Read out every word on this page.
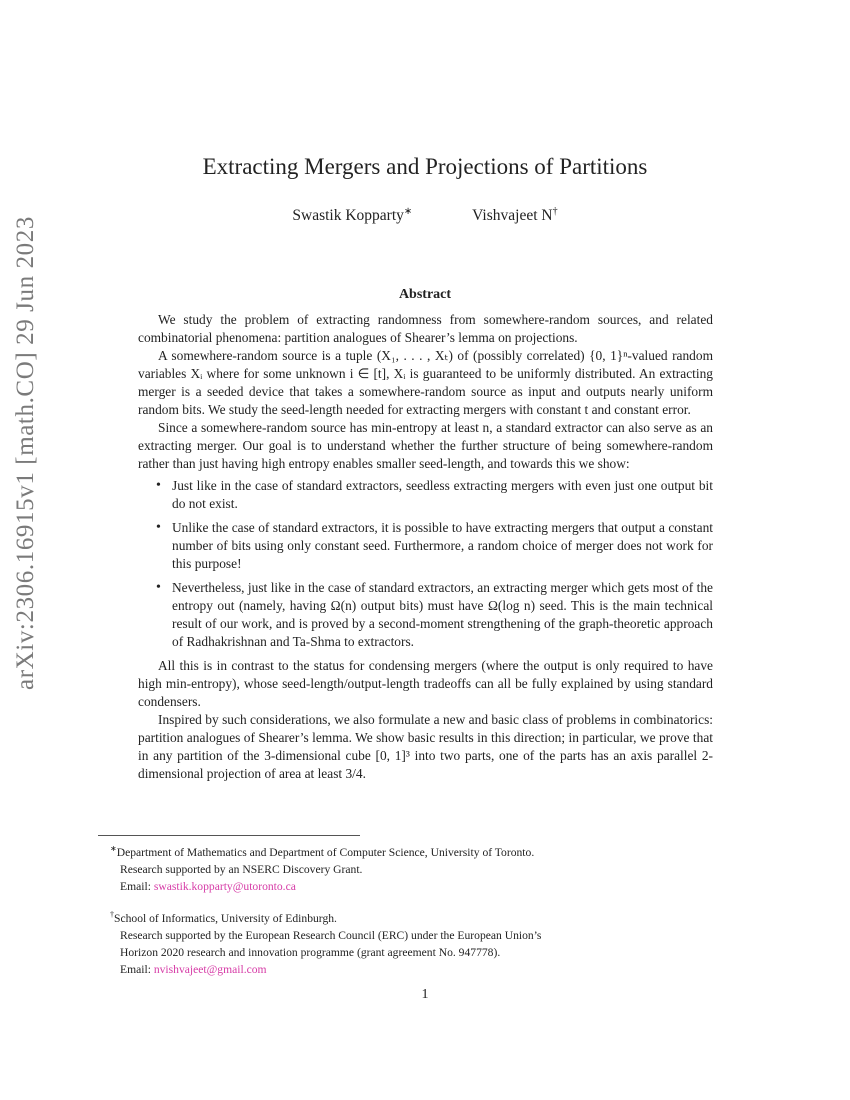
arXiv:2306.16915v1 [math.CO] 29 Jun 2023
Extracting Mergers and Projections of Partitions
Swastik Kopparty∗	Vishvajeet N†
Abstract

We study the problem of extracting randomness from somewhere-random sources, and related combinatorial phenomena: partition analogues of Shearer’s lemma on projections.

A somewhere-random source is a tuple (X₁, . . . , Xₜ) of (possibly correlated) {0, 1}ⁿ-valued random variables Xᵢ where for some unknown i ∈ [t], Xᵢ is guaranteed to be uniformly distributed. An extracting merger is a seeded device that takes a somewhere-random source as input and outputs nearly uniform random bits. We study the seed-length needed for extracting mergers with constant t and constant error.

Since a somewhere-random source has min-entropy at least n, a standard extractor can also serve as an extracting merger. Our goal is to understand whether the further structure of being somewhere-random rather than just having high entropy enables smaller seed-length, and towards this we show:

• Just like in the case of standard extractors, seedless extracting mergers with even just one output bit do not exist.
• Unlike the case of standard extractors, it is possible to have extracting mergers that output a constant number of bits using only constant seed. Furthermore, a random choice of merger does not work for this purpose!
• Nevertheless, just like in the case of standard extractors, an extracting merger which gets most of the entropy out (namely, having Ω(n) output bits) must have Ω(log n) seed. This is the main technical result of our work, and is proved by a second-moment strengthening of the graph-theoretic approach of Radhakrishnan and Ta-Shma to extractors.

All this is in contrast to the status for condensing mergers (where the output is only required to have high min-entropy), whose seed-length/output-length tradeoffs can all be fully explained by using standard condensers.

Inspired by such considerations, we also formulate a new and basic class of problems in combinatorics: partition analogues of Shearer’s lemma. We show basic results in this direction; in particular, we prove that in any partition of the 3-dimensional cube [0, 1]³ into two parts, one of the parts has an axis parallel 2-dimensional projection of area at least 3/4.

∗Department of Mathematics and Department of Computer Science, University of Toronto.
Research supported by an NSERC Discovery Grant.
Email: swastik.kopparty@utoronto.ca
†School of Informatics, University of Edinburgh.
Research supported by the European Research Council (ERC) under the European Union’s
Horizon 2020 research and innovation programme (grant agreement No. 947778).
Email: nvishvajeet@gmail.com
1
